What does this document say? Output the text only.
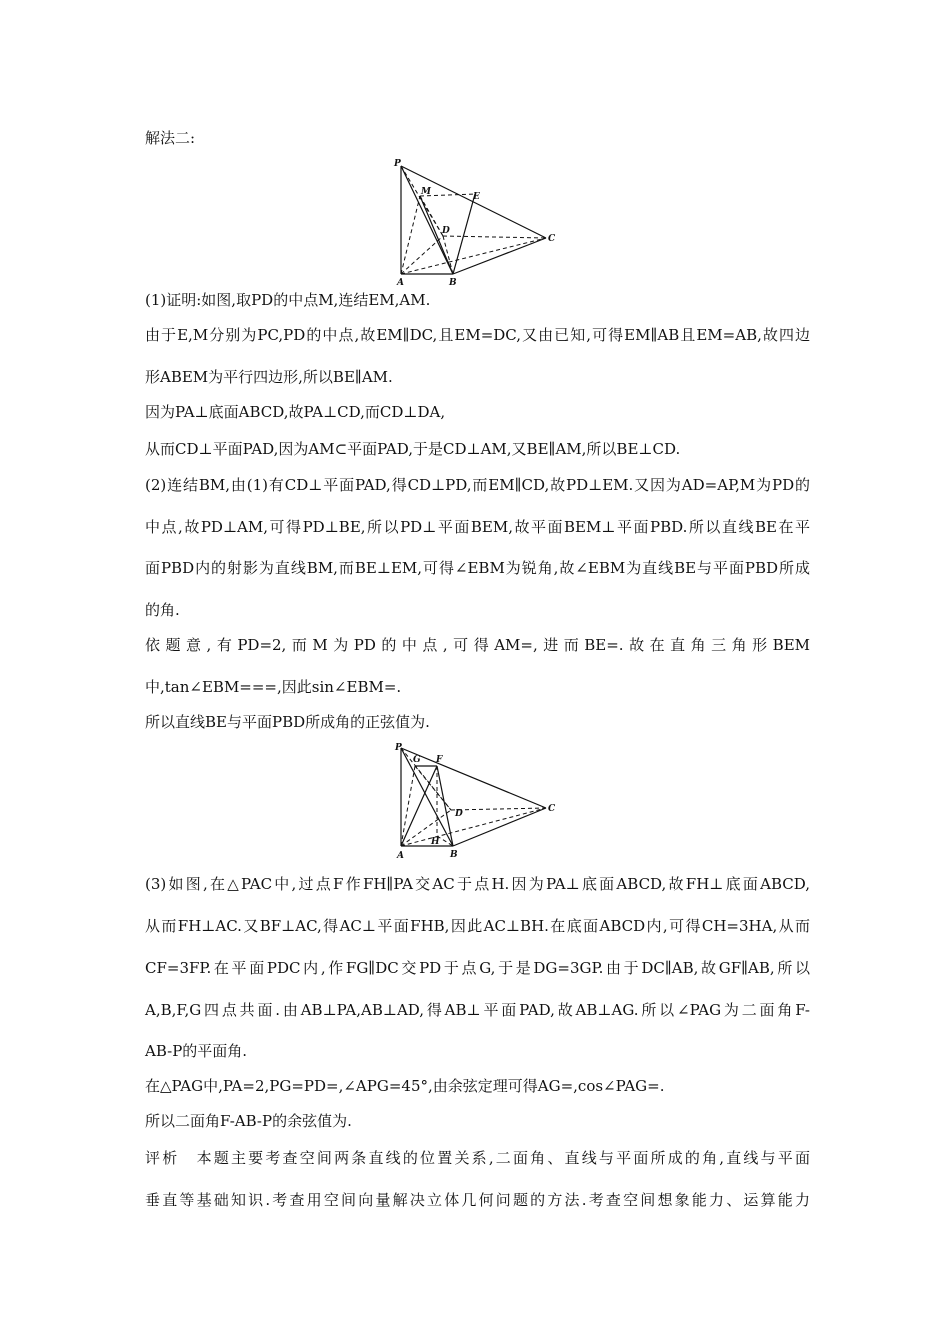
解法二:
P
M	E
D
C
A	B
(1)证明:如图,取PD的中点M,连结EM,AM.
由于E,M分别为PC,PD的中点,故EM∥DC,且EM=DC,又由已知,可得EM∥AB且EM=AB,故四边
形ABEM为平行四边形,所以BE∥AM.
因为PA⊥底面ABCD,故PA⊥CD,而CD⊥DA,
从而CD⊥平面PAD,因为AM⊂平面PAD,于是CD⊥AM,又BE∥AM,所以BE⊥CD.
(2)连结BM,由(1)有CD⊥平面PAD,得CD⊥PD,而EM∥CD,故PD⊥EM.又因为AD=AP,M为PD的
中点,故PD⊥AM,可得PD⊥BE,所以PD⊥平面BEM,故平面BEM⊥平面PBD.所以直线BE在平
面PBD内的射影为直线BM,而BE⊥EM,可得∠EBM为锐角,故∠EBM为直线BE与平面PBD所成
的角.
依题意,有PD=2,而M为PD的中点,可得AM=,进而BE=.故在直角三角形BEM
中,tan∠EBM===,因此sin∠EBM=.
所以直线BE与平面PBD所成角的正弦值为.
P
G F
D	C
A
H
B
(3)如图,在△PAC中,过点F作FH∥PA交AC于点H.因为PA⊥底面ABCD,故FH⊥底面ABCD,
从而FH⊥AC.又BF⊥AC,得AC⊥平面FHB,因此AC⊥BH.在底面ABCD内,可得CH=3HA,从而
CF=3FP.在平面PDC内,作FG∥DC交PD于点G,于是DG=3GP.由于DC∥AB,故GF∥AB,所以
A,B,F,G四点共面.由AB⊥PA,AB⊥AD,得AB⊥平面PAD,故AB⊥AG.所以∠PAG为二面角F-
AB-P的平面角.
在△PAG中,PA=2,PG=PD=,∠APG=45°,由余弦定理可得AG=,cos∠PAG=.
所以二面角F-AB-P的余弦值为.
评析　本题主要考查空间两条直线的位置关系,二面角、直线与平面所成的角,直线与平面
垂直等基础知识.考查用空间向量解决立体几何问题的方法.考查空间想象能力、运算能力
